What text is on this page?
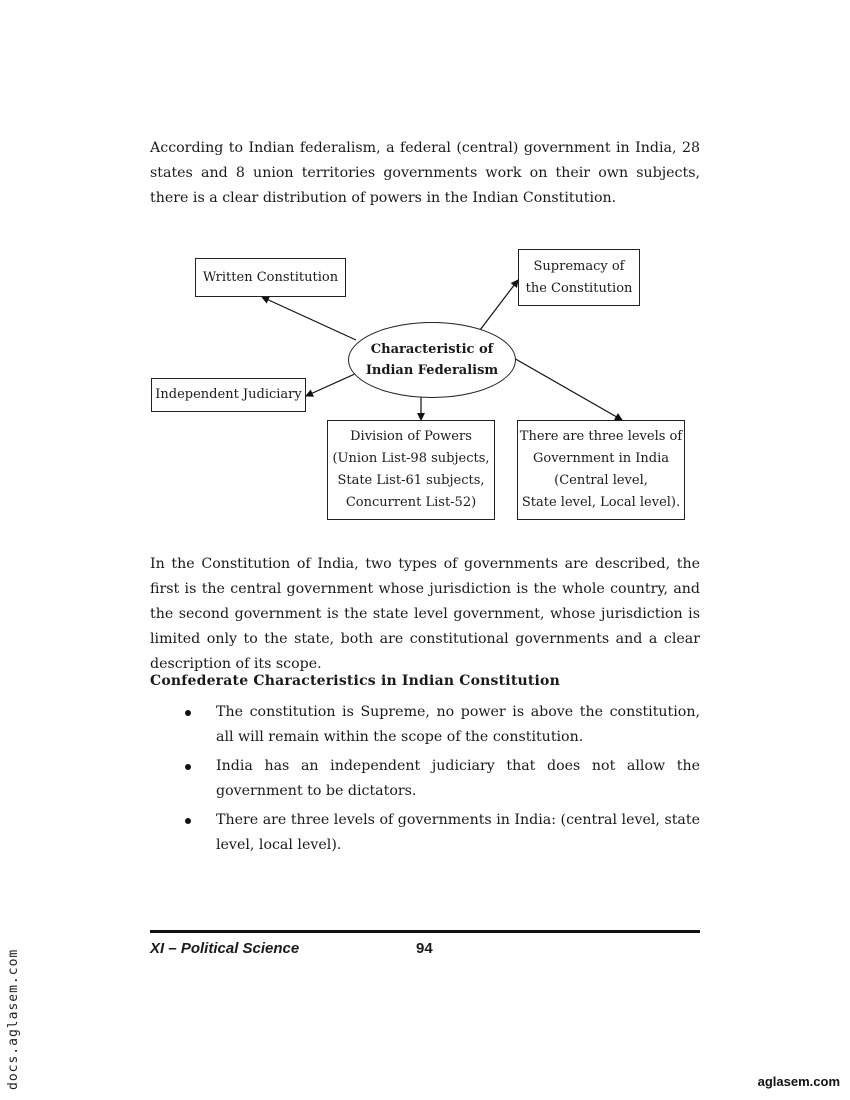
According to Indian federalism, a federal (central) government in India, 28 states and 8 union territories governments work on their own subjects, there is a clear distribution of powers in the Indian Constitution.

Written Constitution
Supremacy of
the Constitution
Independent Judiciary
Characteristic of
Indian Federalism
Division of Powers
(Union List-98 subjects,
State List-61 subjects,
Concurrent List-52)
There are three levels of
Government in India
(Central level,
State level, Local level).

In the Constitution of India, two types of governments are described, the first is the central government whose jurisdiction is the whole country, and the second government is the state level government, whose jurisdiction is limited only to the state, both are constitutional governments and a clear description of its scope.

Confederate Characteristics in Indian Constitution
The constitution is Supreme, no power is above the constitution, all will remain within the scope of the constitution.
India has an independent judiciary that does not allow the government to be dictators.
There are three levels of governments in India: (central level, state level, local level).
XI – Political Science	94
docs.aglasem.com	aglasem.com
